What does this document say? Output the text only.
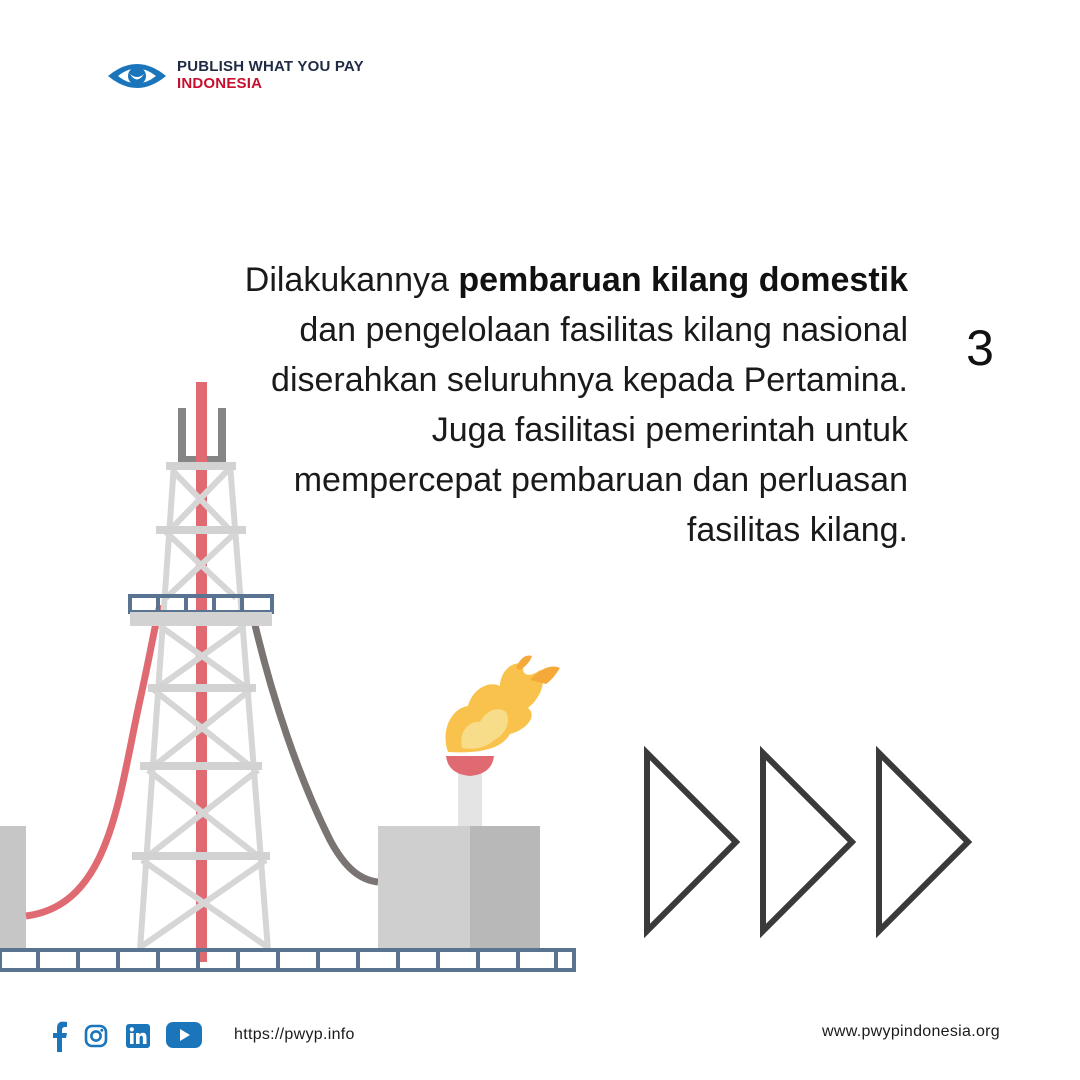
PUBLISH WHAT YOU PAY
INDONESIA
3
Dilakukannya pembaruan kilang domestik dan pengelolaan fasilitas kilang nasional diserahkan seluruhnya kepada Pertamina. Juga fasilitasi pemerintah untuk mempercepat pembaruan dan perluasan fasilitas kilang.
https://pwyp.info	www.pwypindonesia.org
